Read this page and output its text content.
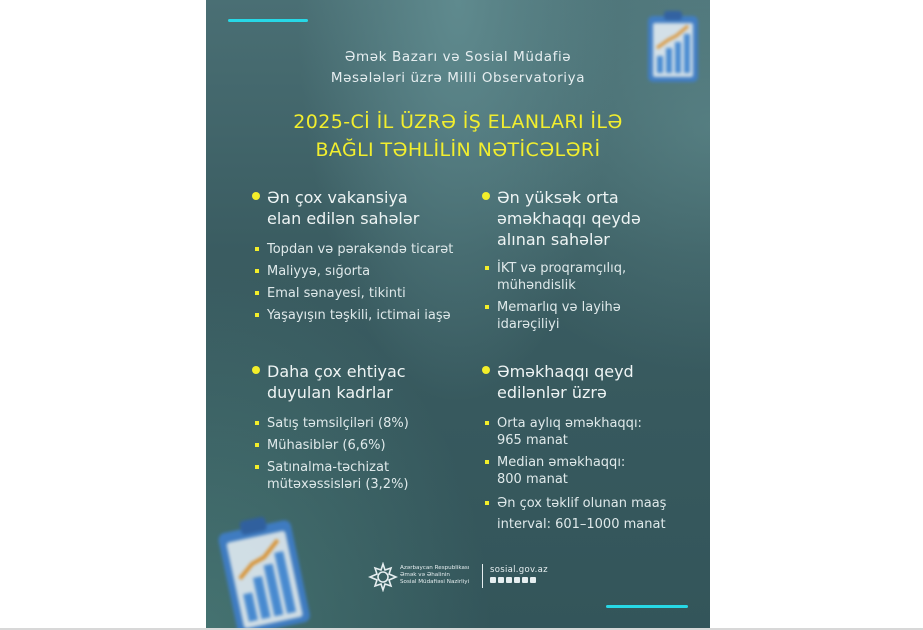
Əmək Bazarı və Sosial Müdafiə
Məsələləri üzrə Milli Observatoriya
2025-Cİ İL ÜZRƏ İŞ ELANLARI İLƏ
BAĞLI TƏHLİLİN NƏTİCƏLƏRİ
Ən çox vakansiya
elan edilən sahələr
Topdan və pərakəndə ticarət
Maliyyə, sığorta
Emal sənayesi, tikinti
Yaşayışın təşkili, ictimai iaşə
Ən yüksək orta
əməkhaqqı qeydə
alınan sahələr
İKT və proqramçılıq,
mühəndislik
Memarlıq və layihə
idarəçiliyi
Daha çox ehtiyac
duyulan kadrlar
Satış təmsilçiləri (8%)
Mühasiblər (6,6%)
Satınalma-təchizat
mütəxəssisləri (3,2%)
Əməkhaqqı qeyd
edilənlər üzrə
Orta aylıq əməkhaqqı:
965 manat
Median əməkhaqqı:
800 manat
Ən çox təklif olunan maaş
interval: 601–1000 manat
Azərbaycan Respublikası
Əmək və Əhalinin
Sosial Müdafiəsi Nazirliyi
sosial.gov.az
